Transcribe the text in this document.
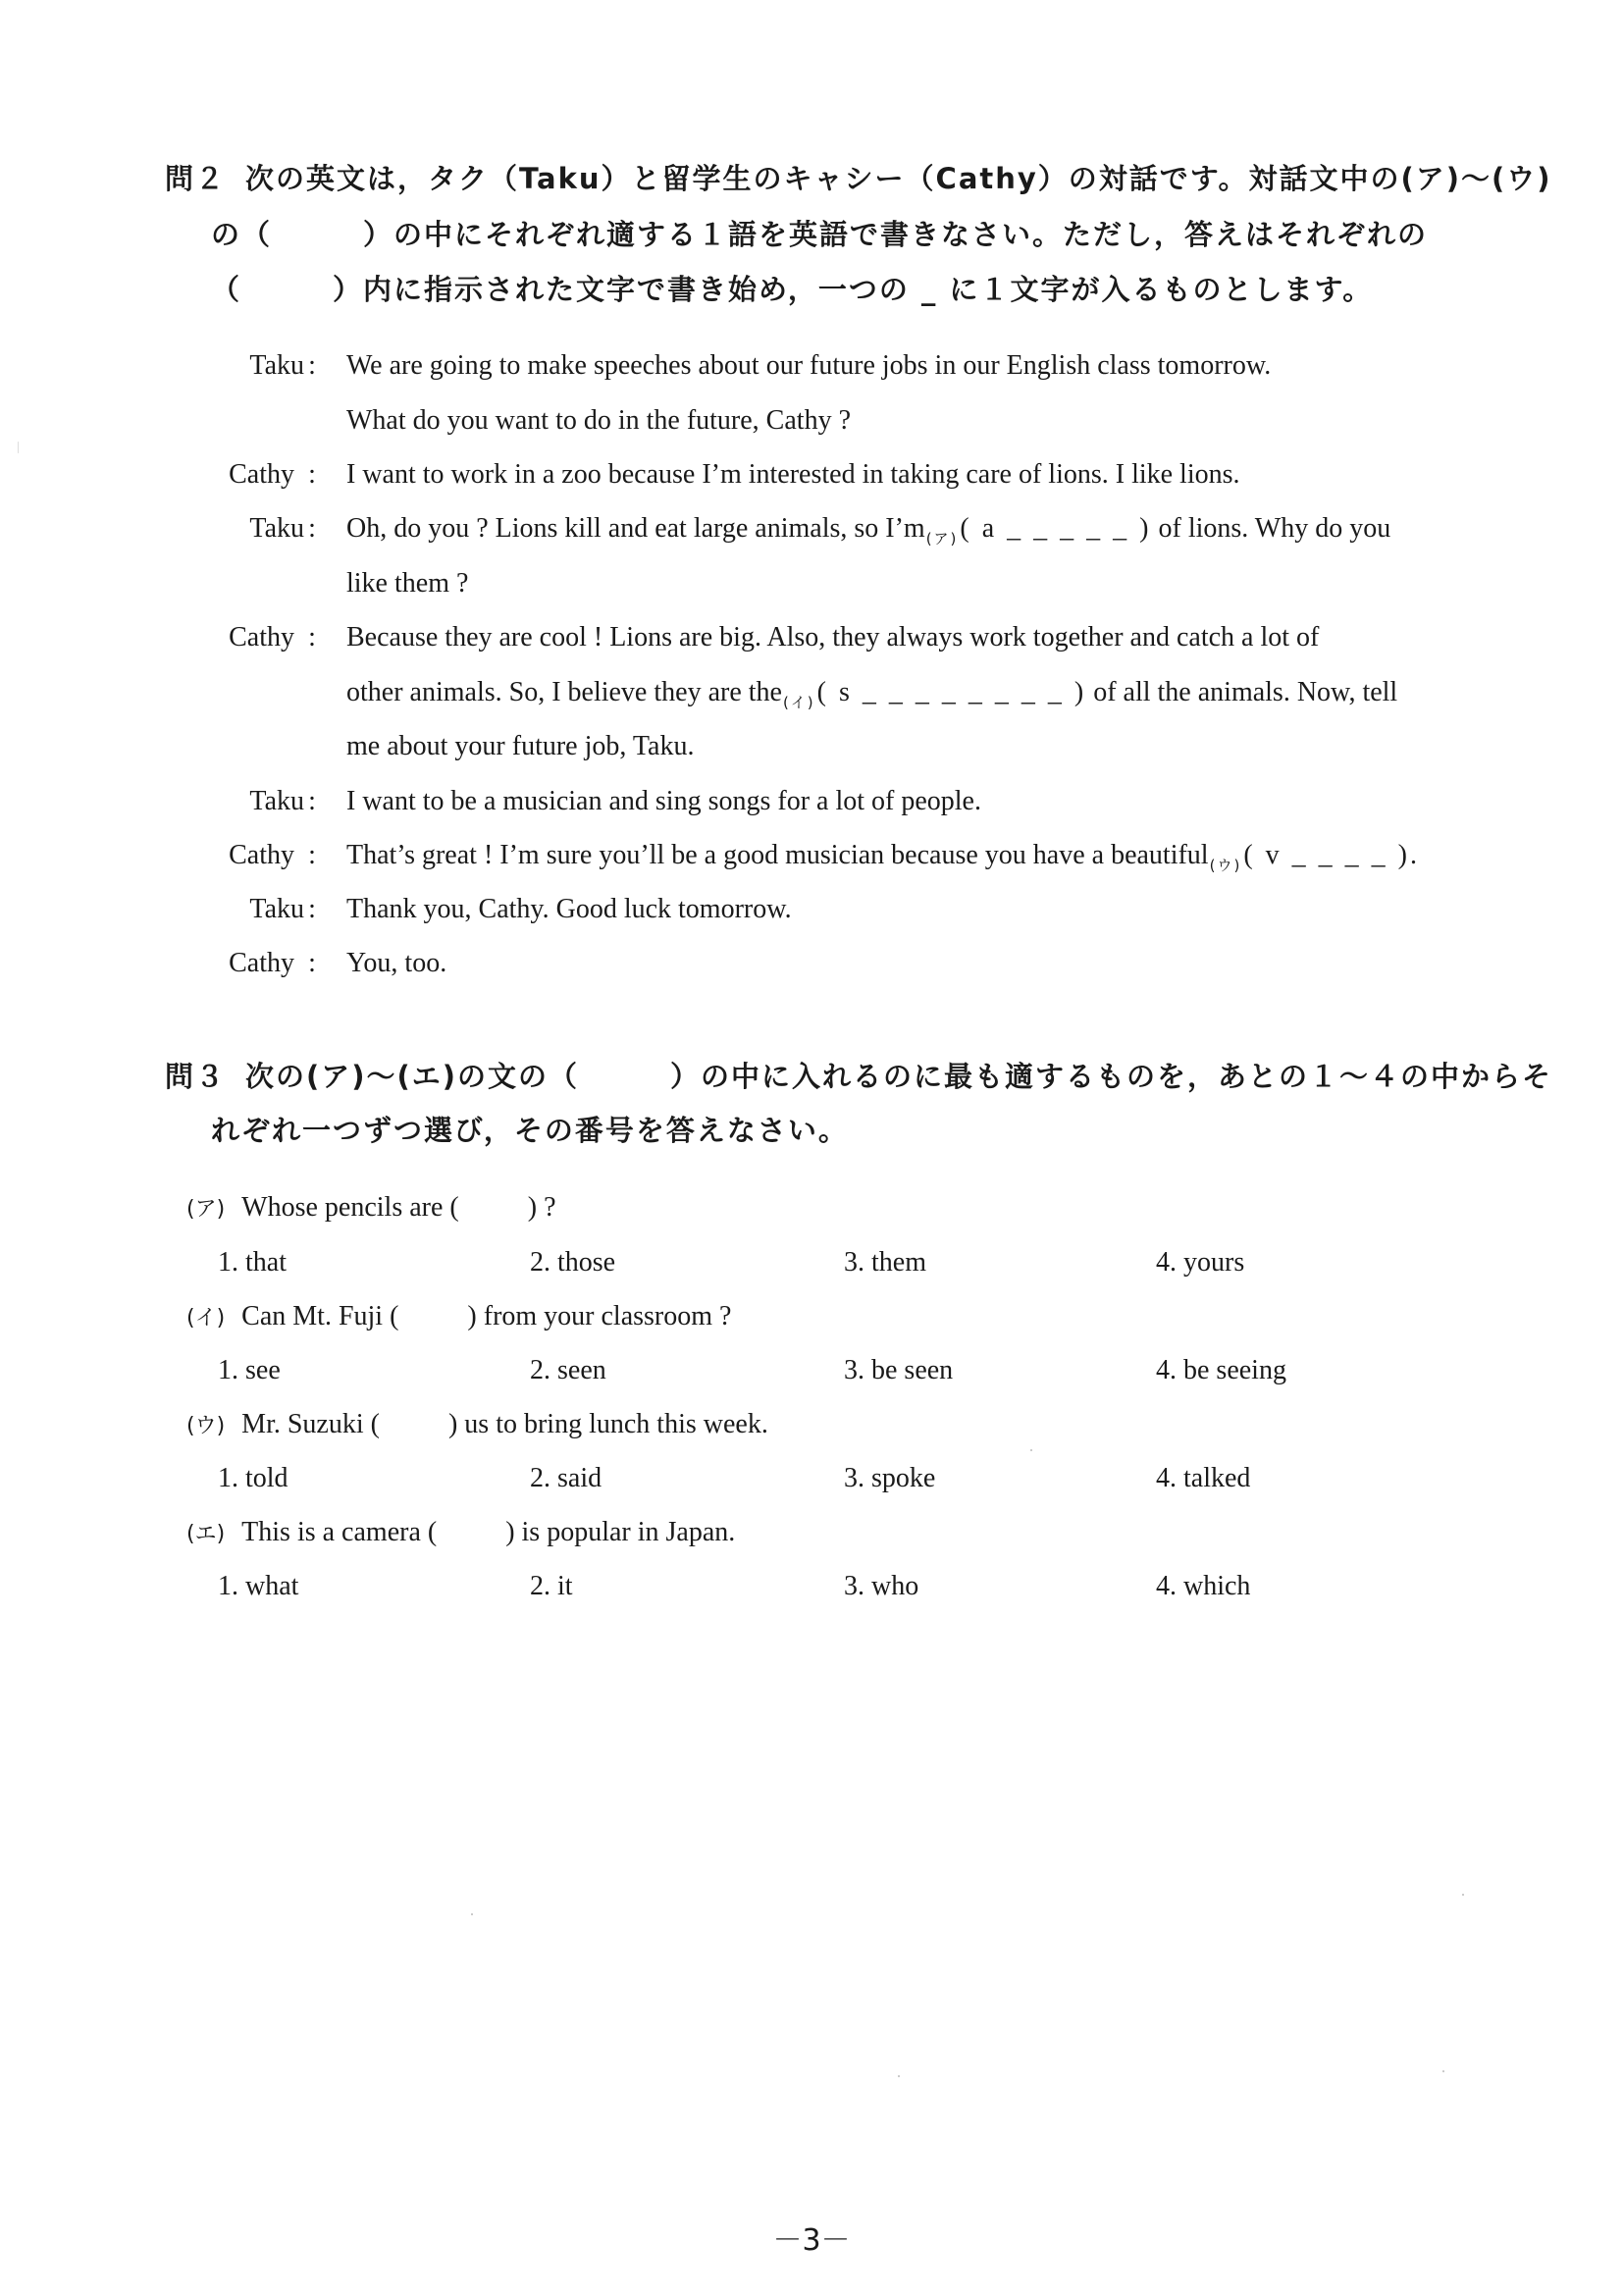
問２ 次の英文は，タク（Taku）と留学生のキャシー（Cathy）の対話です。対話文中の(ア)〜(ウ)
の（　　　）の中にそれぞれ適する１語を英語で書きなさい。ただし，答えはそれぞれの
（　　　）内に指示された文字で書き始め，一つの _ に１文字が入るものとします。
Taku : We are going to make speeches about our future jobs in our English class tomorrow.
What do you want to do in the future, Cathy ?
Cathy : I want to work in a zoo because I’m interested in taking care of lions. I like lions.
Taku : Oh, do you ? Lions kill and eat large animals, so $I’m_{(ア)}$( a _ _ _ _ _ ) of lions. Why do you
like them ?
Cathy : Because they are cool ! Lions are big. Also, they always work together and catch a lot of
other animals. So, I believe they are the$_{(イ)}$( s _ _ _ _ _ _ _ _ ) of all the animals. Now, tell
me about your future job, Taku.
Taku : I want to be a musician and sing songs for a lot of people.
Cathy : That’s great ! I’m sure you’ll be a good musician because you have a beautiful$_{(ウ)}$( v _ _ _ _ ).
Taku : Thank you, Cathy. Good luck tomorrow.
Cathy : You, too.
問３ 次の(ア)〜(エ)の文の（　　　）の中に入れるのに最も適するものを，あとの１〜４の中からそ
れぞれ一つずつ選び，その番号を答えなさい。
(ア) Whose pencils are (          ) ?
1. that	2. those	3. them	4. yours
(イ) Can Mt. Fuji (          ) from your classroom ?
1. see	2. seen	3. be seen	4. be seeing
(ウ) Mr. Suzuki (          ) us to bring lunch this week.
1. told	2. said	3. spoke	4. talked
(エ) This is a camera (          ) is popular in Japan.
1. what	2. it	3. who	4. which
－3－
